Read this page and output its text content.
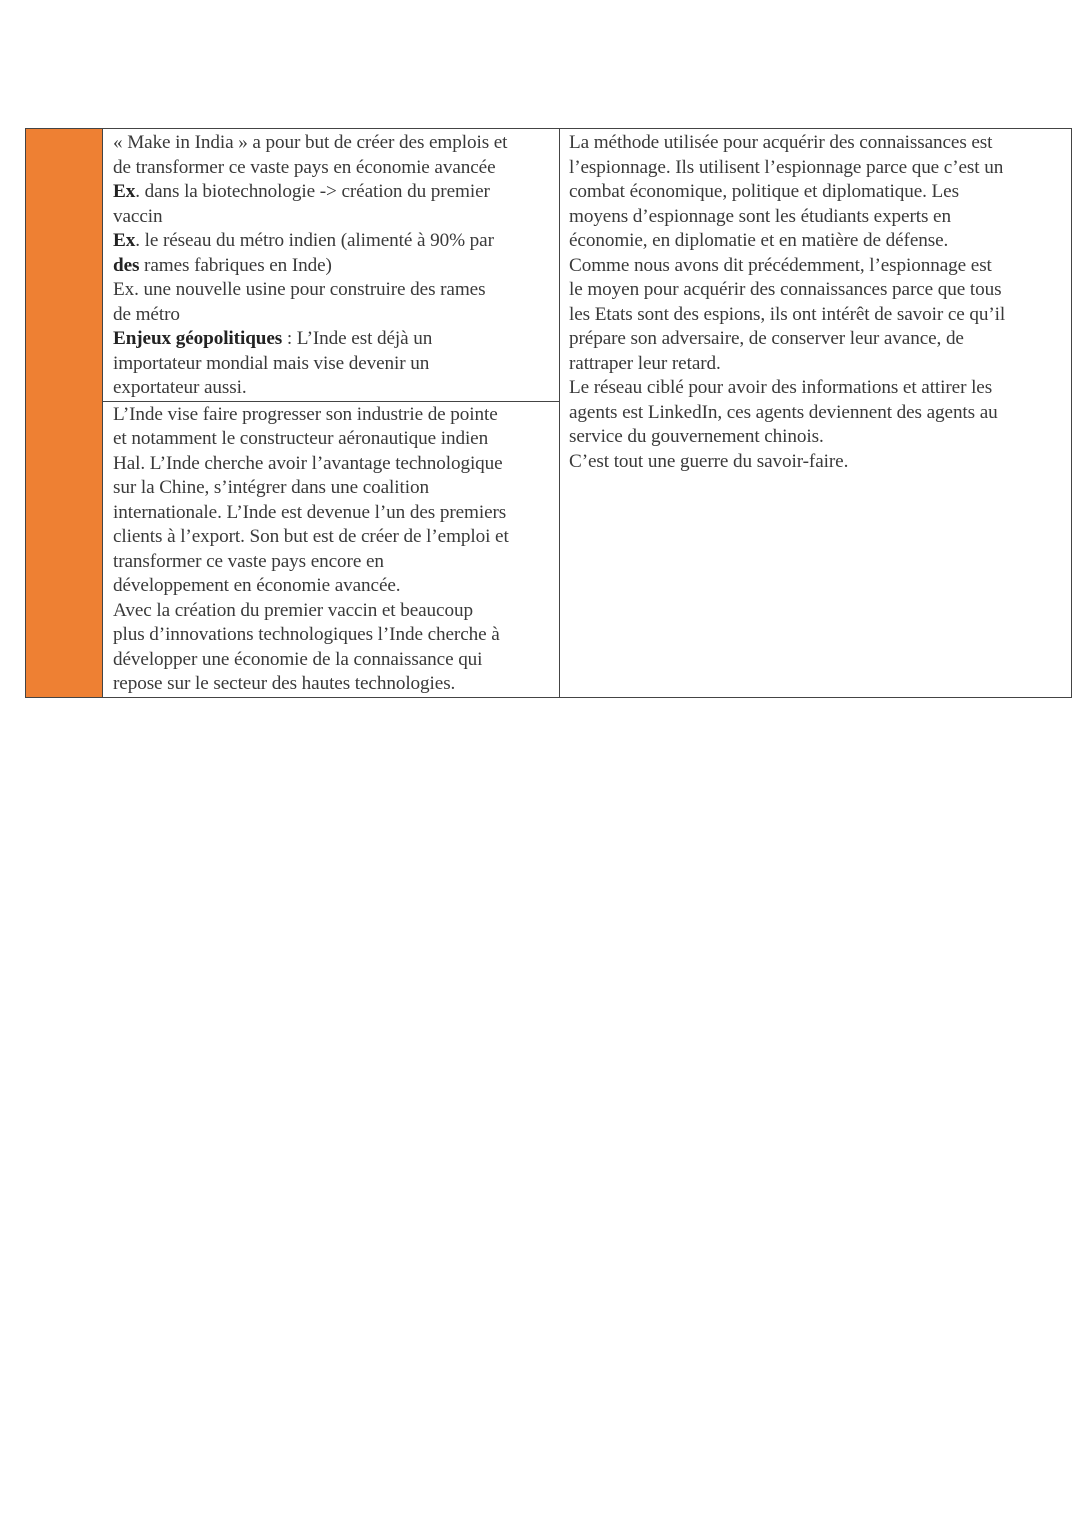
« Make in India » a pour but de créer des emplois et

de transformer ce vaste pays en économie avancée

Ex. dans la biotechnologie -> création du premier

vaccin

Ex. le réseau du métro indien (alimenté à 90% par

des rames fabriques en Inde)

Ex. une nouvelle usine pour construire des rames

de métro

Enjeux géopolitiques : L’Inde est déjà un

importateur mondial mais vise devenir un

exportateur aussi.

L’Inde vise faire progresser son industrie de pointe

et notamment le constructeur aéronautique indien

Hal. L’Inde cherche avoir l’avantage technologique

sur la Chine, s’intégrer dans une coalition

internationale. L’Inde est devenue l’un des premiers

clients à l’export. Son but est de créer de l’emploi et

transformer ce vaste pays encore en

développement en économie avancée.

Avec la création du premier vaccin et beaucoup

plus d’innovations technologiques l’Inde cherche à

développer une économie de la connaissance qui

repose sur le secteur des hautes technologies.

La méthode utilisée pour acquérir des connaissances est

l’espionnage. Ils utilisent l’espionnage parce que c’est un

combat économique, politique et diplomatique. Les

moyens d’espionnage sont les étudiants experts en

économie, en diplomatie et en matière de défense.

Comme nous avons dit précédemment, l’espionnage est

le moyen pour acquérir des connaissances parce que tous

les Etats sont des espions, ils ont intérêt de savoir ce qu’il

prépare son adversaire, de conserver leur avance, de

rattraper leur retard.

Le réseau ciblé pour avoir des informations et attirer les

agents est LinkedIn, ces agents deviennent des agents au

service du gouvernement chinois.

C’est tout une guerre du savoir-faire.
